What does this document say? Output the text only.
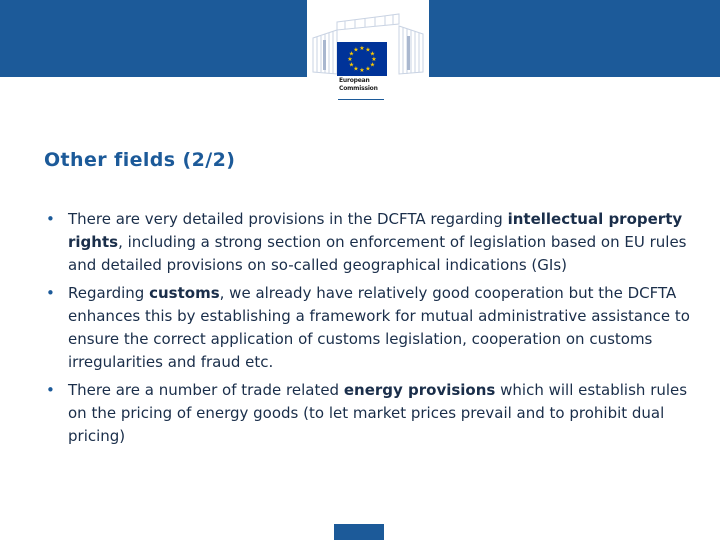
★ ★
★
★
★
★
★
★
★
★
★
★
European
Commission
Other fields (2/2)
• There are very detailed provisions in the DCFTA regarding intellectual property rights, including a strong section on enforcement of legislation based on EU rules and detailed provisions on so-called geographical indications (GIs)
• Regarding customs, we already have relatively good cooperation but the DCFTA enhances this by establishing a framework for mutual administrative assistance to ensure the correct application of customs legislation, cooperation on customs irregularities and fraud etc.
• There are a number of trade related energy provisions which will establish rules on the pricing of energy goods (to let market prices prevail and to prohibit dual pricing)
